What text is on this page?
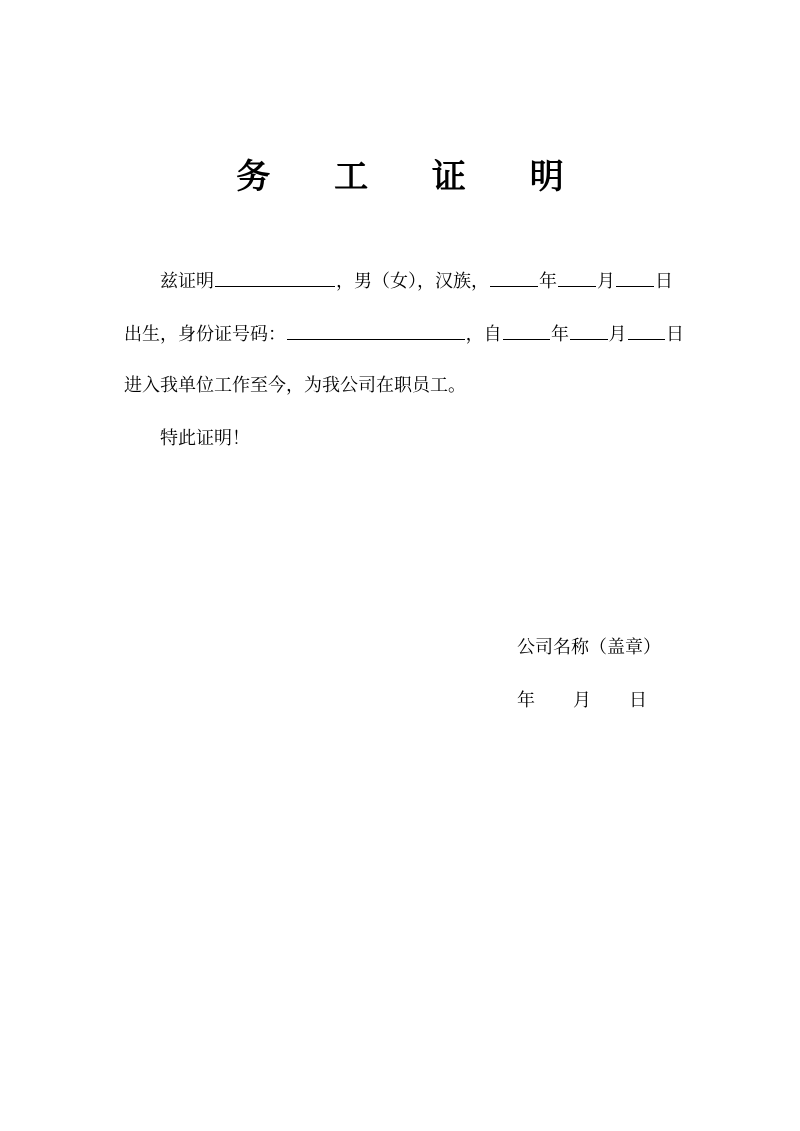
务 工 证 明
兹证明	，男（女），汉族，	年 月 日
出生，身份证号码：	，自	年 月 日
进入我单位工作至今，为我公司在职员工。
特此证明！
公司名称（盖章）
年 月 日
